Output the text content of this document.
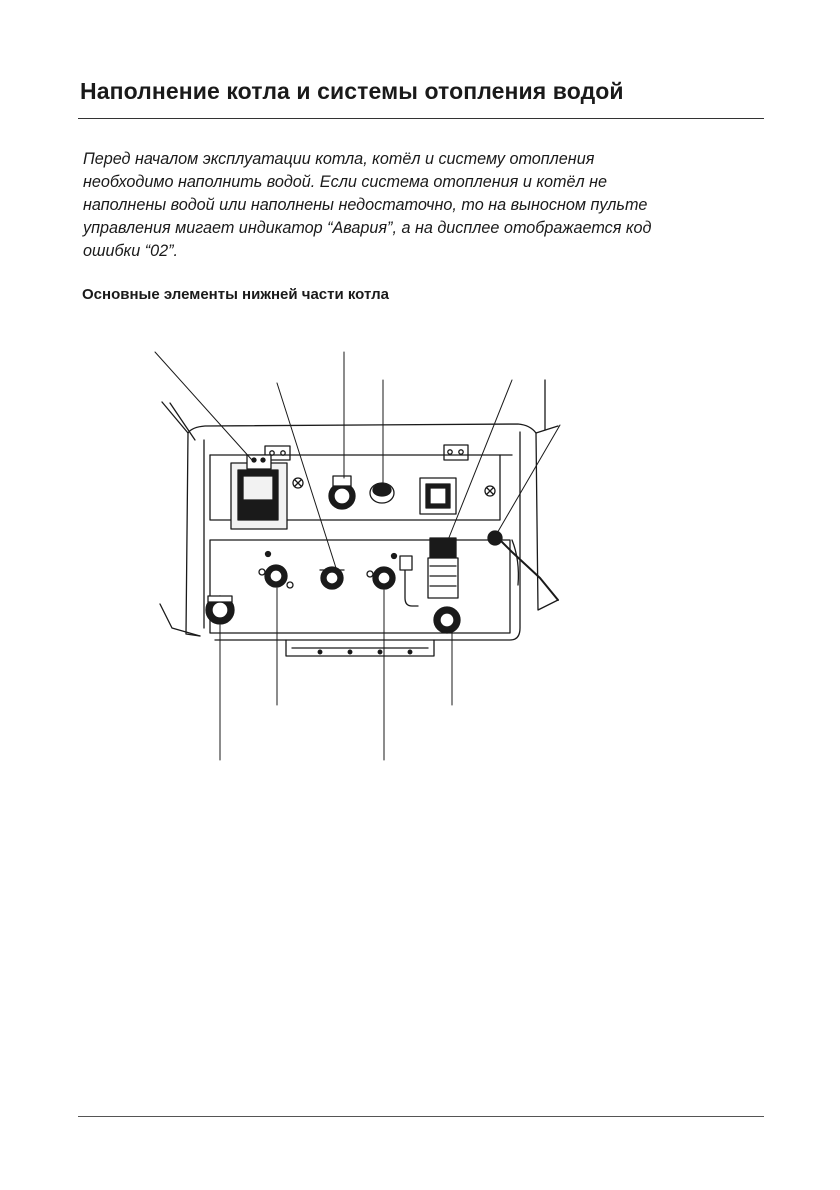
Наполнение котла и системы отопления водой

Перед началом эксплуатации котла, котёл и систему отопления необходимо наполнить водой. Если система отопления и котёл не наполнены водой или наполнены недостаточно, то на выносном пульте управления мигает индикатор “Авария”, а на дисплее отображается код ошибки “02”.

Основные элементы нижней части котла
